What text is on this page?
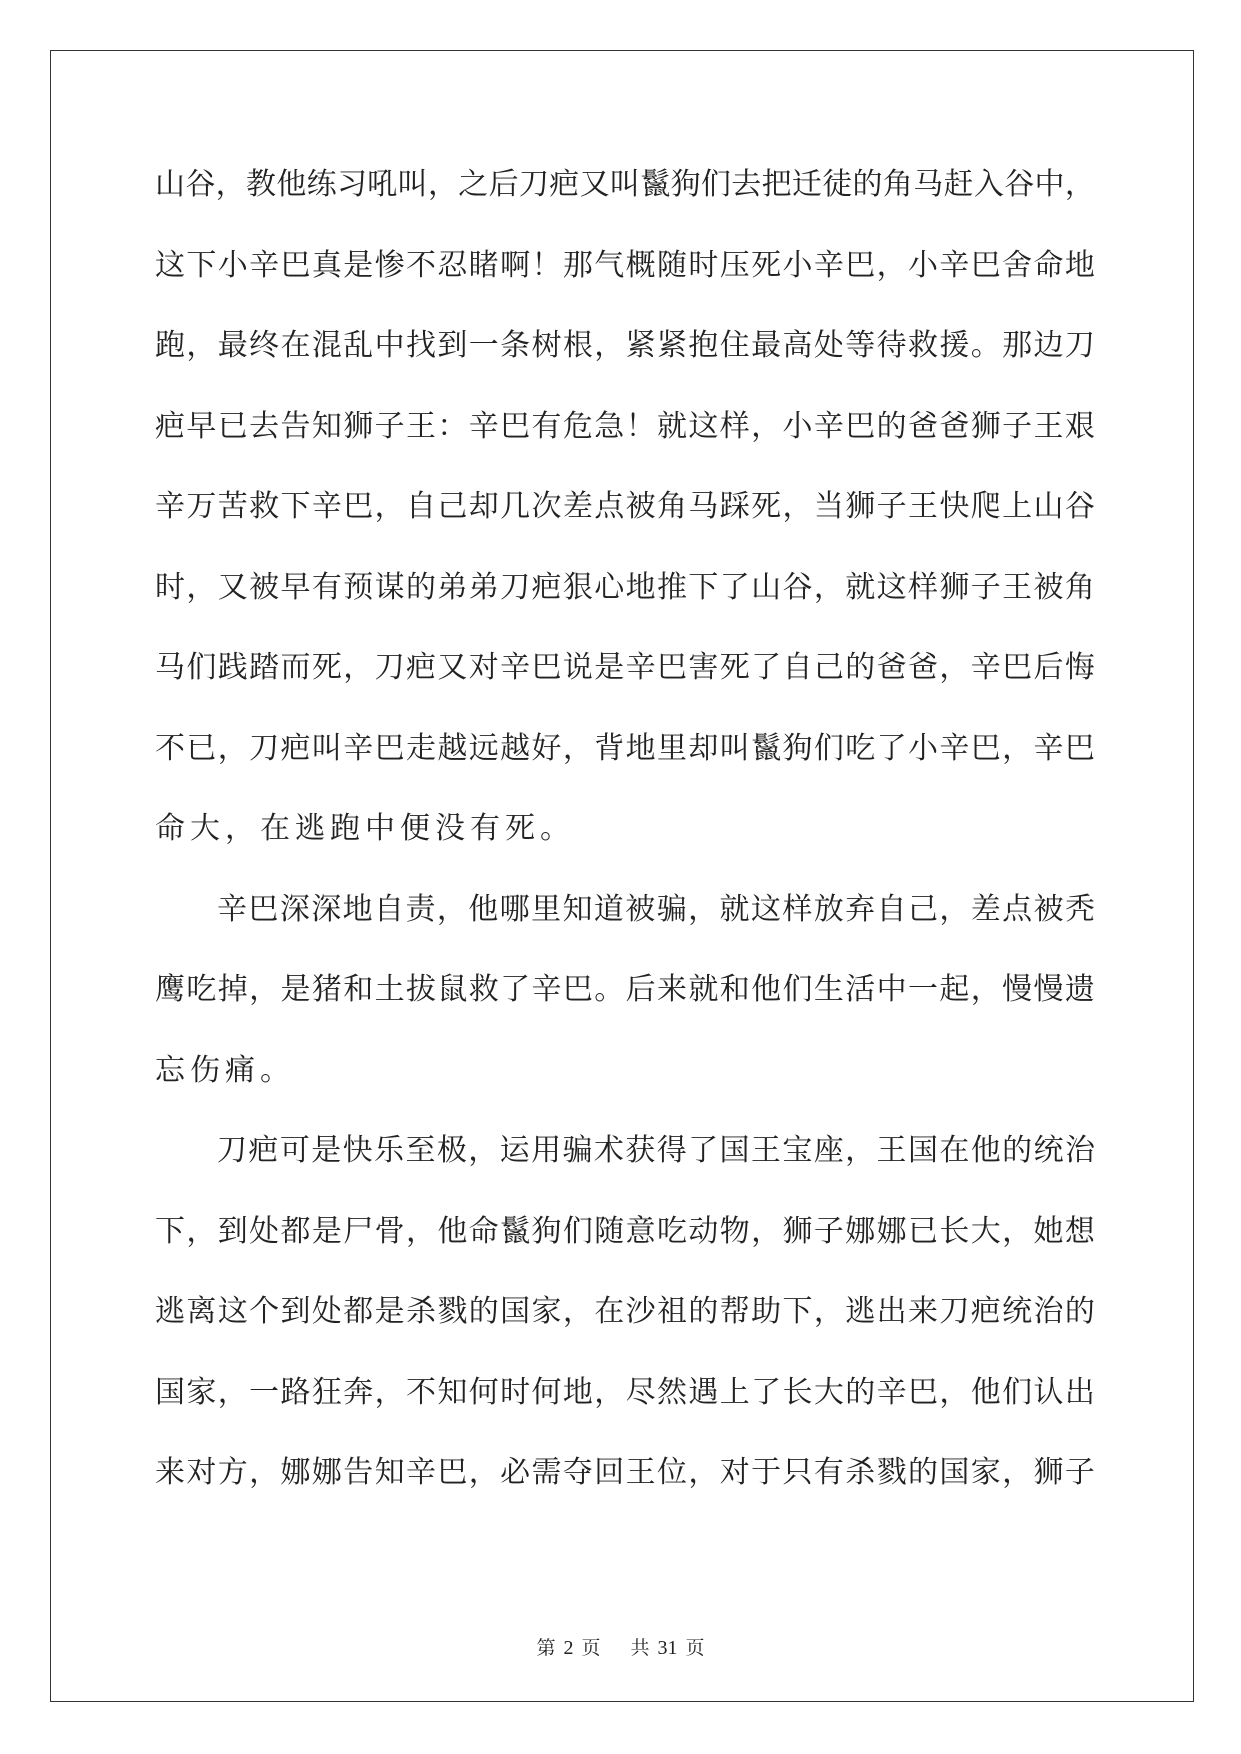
山 谷 ， 教 他 练 习 吼 叫 ， 之 后 刀 疤 又 叫 鬣 狗 们 去 把 迁 徒 的 角 马 赶 入 谷 中 ，
这 下 小 辛 巴 真 是 惨 不 忍 睹 啊 ！ 那 气 概 随 时 压 死 小 辛 巴 ， 小 辛 巴 舍 命 地
跑 ， 最 终 在 混 乱 中 找 到 一 条 树 根 ， 紧 紧 抱 住 最 高 处 等 待 救 援 。 那 边 刀
疤 早 已 去 告 知 狮 子 王 ： 辛 巴 有 危 急 ！ 就 这 样 ， 小 辛 巴 的 爸 爸 狮 子 王 艰
辛 万 苦 救 下 辛 巴 ， 自 己 却 几 次 差 点 被 角 马 踩 死 ， 当 狮 子 王 快 爬 上 山 谷
时 ， 又 被 早 有 预 谋 的 弟 弟 刀 疤 狠 心 地 推 下 了 山 谷 ， 就 这 样 狮 子 王 被 角
马 们 践 踏 而 死 ， 刀 疤 又 对 辛 巴 说 是 辛 巴 害 死 了 自 己 的 爸 爸 ， 辛 巴 后 悔
不 已 ， 刀 疤 叫 辛 巴 走 越 远 越 好 ， 背 地 里 却 叫 鬣 狗 们 吃 了 小 辛 巴 ， 辛 巴
命大，在逃跑中便没有死。
辛 巴 深 深 地 自 责 ， 他 哪 里 知 道 被 骗 ， 就 这 样 放 弃 自 己 ， 差 点 被 秃
鹰 吃 掉 ， 是 猪 和 土 拔 鼠 救 了 辛 巴 。 后 来 就 和 他 们 生 活 中 一 起 ， 慢 慢 遗
忘伤痛。
刀 疤 可 是 快 乐 至 极 ， 运 用 骗 术 获 得 了 国 王 宝 座 ， 王 国 在 他 的 统 治
下 ， 到 处 都 是 尸 骨 ， 他 命 鬣 狗 们 随 意 吃 动 物 ， 狮 子 娜 娜 已 长 大 ， 她 想
逃 离 这 个 到 处 都 是 杀 戮 的 国 家 ， 在 沙 祖 的 帮 助 下 ， 逃 出 来 刀 疤 统 治 的
国 家 ， 一 路 狂 奔 ， 不 知 何 时 何 地 ， 尽 然 遇 上 了 长 大 的 辛 巴 ， 他 们 认 出
来 对 方 ， 娜 娜 告 知 辛 巴 ， 必 需 夺 回 王 位 ， 对 于 只 有 杀 戮 的 国 家 ， 狮 子
第 2 页 共 31 页
